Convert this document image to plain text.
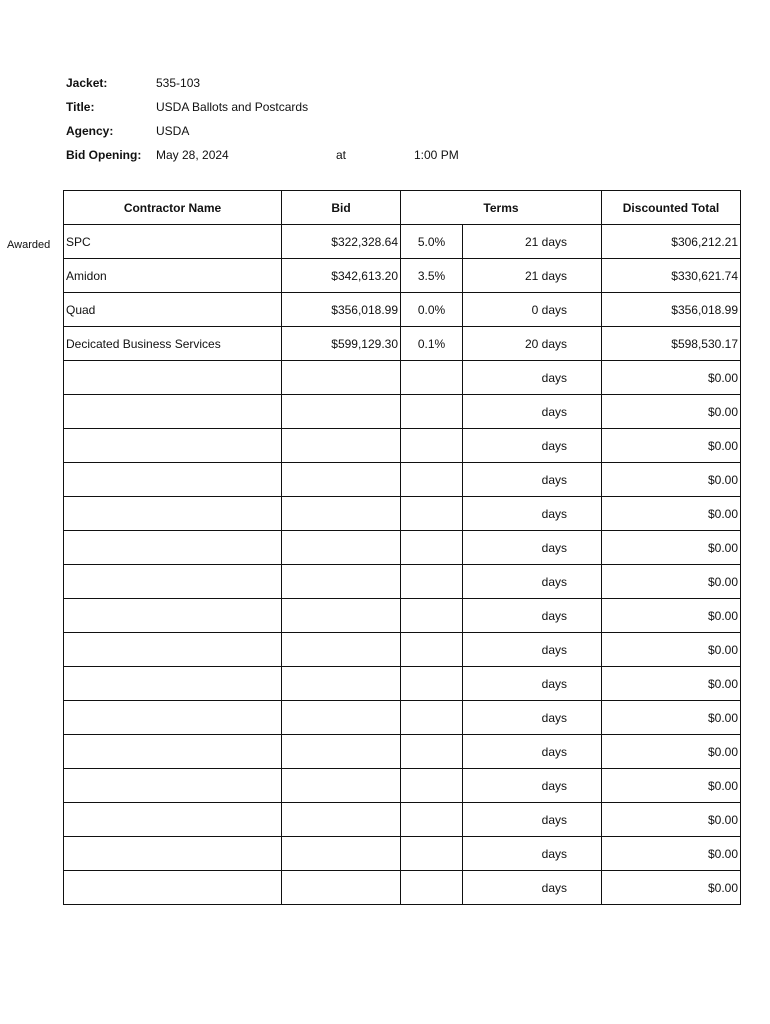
Jacket:	535-103
Title:	USDA Ballots and Postcards
Agency:	USDA
Bid Opening: May 28, 2024	at	1:00 PM
Awarded
Contractor Name	Bid	Terms		Discounted Total
SPC	$322,328.64	5.0%	21 days	$306,212.21
Amidon	$342,613.20	3.5%	21 days	$330,621.74
Quad	$356,018.99	0.0%	0 days	$356,018.99
Decicated Business Services	$599,129.30	0.1%	20 days	$598,530.17
			days	$0.00
			days	$0.00
			days	$0.00
			days	$0.00
			days	$0.00
			days	$0.00
			days	$0.00
			days	$0.00
			days	$0.00
			days	$0.00
			days	$0.00
			days	$0.00
			days	$0.00
			days	$0.00
			days	$0.00
			days	$0.00
